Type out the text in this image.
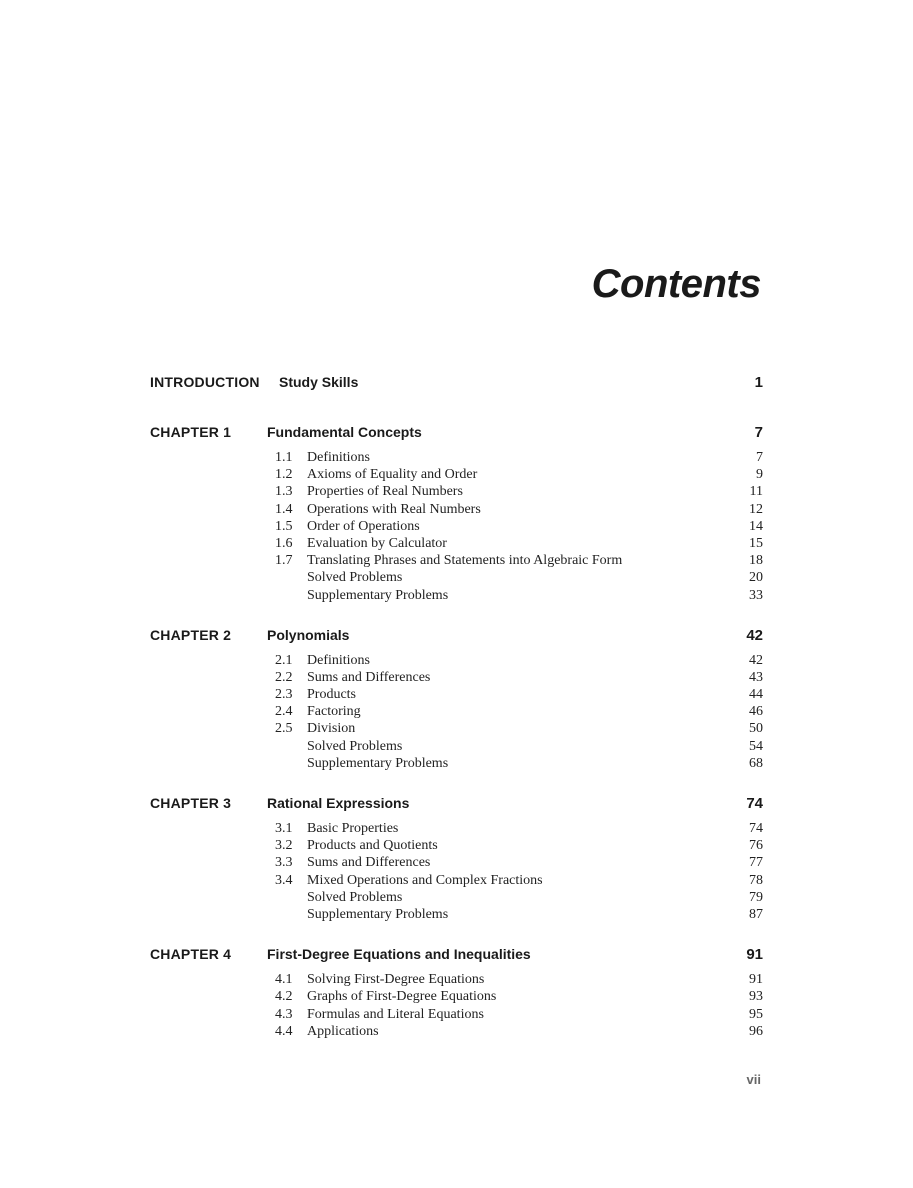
Contents
INTRODUCTION	Study Skills	1
CHAPTER 1	Fundamental Concepts	7
1.1	Definitions	7
1.2	Axioms of Equality and Order	9
1.3	Properties of Real Numbers	11
1.4	Operations with Real Numbers	12
1.5	Order of Operations	14
1.6	Evaluation by Calculator	15
1.7	Translating Phrases and Statements into Algebraic Form	18
Solved Problems	20
Supplementary Problems	33
CHAPTER 2	Polynomials	42
2.1	Definitions	42
2.2	Sums and Differences	43
2.3	Products	44
2.4	Factoring	46
2.5	Division	50
Solved Problems	54
Supplementary Problems	68
CHAPTER 3	Rational Expressions	74
3.1	Basic Properties	74
3.2	Products and Quotients	76
3.3	Sums and Differences	77
3.4	Mixed Operations and Complex Fractions	78
Solved Problems	79
Supplementary Problems	87
CHAPTER 4	First-Degree Equations and Inequalities	91
4.1	Solving First-Degree Equations	91
4.2	Graphs of First-Degree Equations	93
4.3	Formulas and Literal Equations	95
4.4	Applications	96
vii
